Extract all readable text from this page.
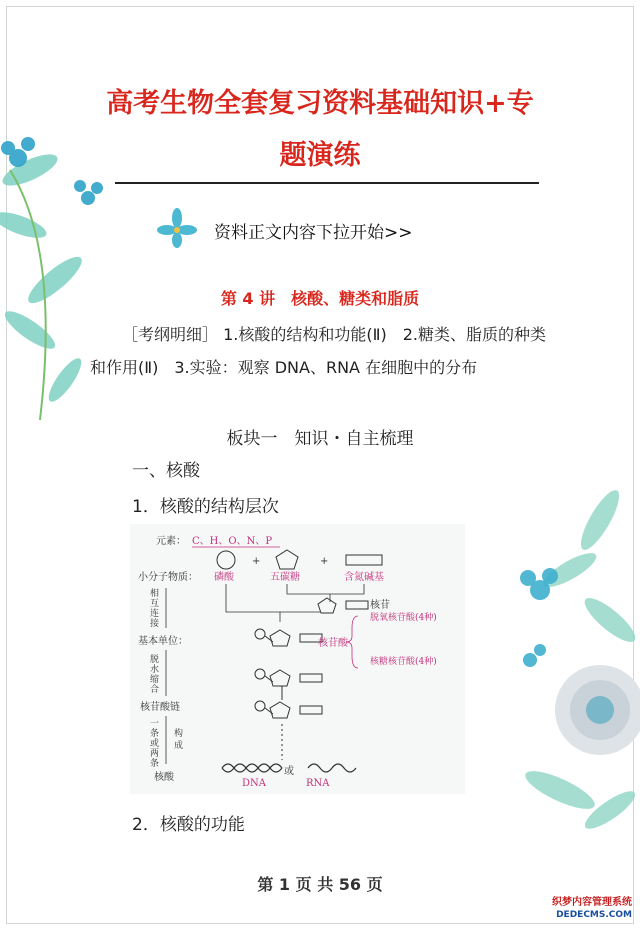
高考生物全套复习资料基础知识+专
题演练
资料正文内容下拉开始>>
第 4 讲　核酸、糖类和脂质
［考纲明细］ 1.核酸的结构和功能(Ⅱ)　2.糖类、脂质的种类和作用(Ⅱ)　3.实验：观察 DNA、RNA 在细胞中的分布
板块一　知识・自主梳理
一、核酸
1．核酸的结构层次
元素： C、H、O、N、P
小分子物质： 磷酸
+
五碳糖
+
含氮碱基
核苷
基本单位：	核苷酸
脱氧核苷酸(4种)
核糖核苷酸(4种)
相
互
连
接
脱
水
缩
合
核苷酸链
一
条
或
两
条
构
成
核酸
DNA
或
RNA
2．核酸的功能
第 1 页 共 56 页
织梦内容管理系统
DEDECMS.COM
